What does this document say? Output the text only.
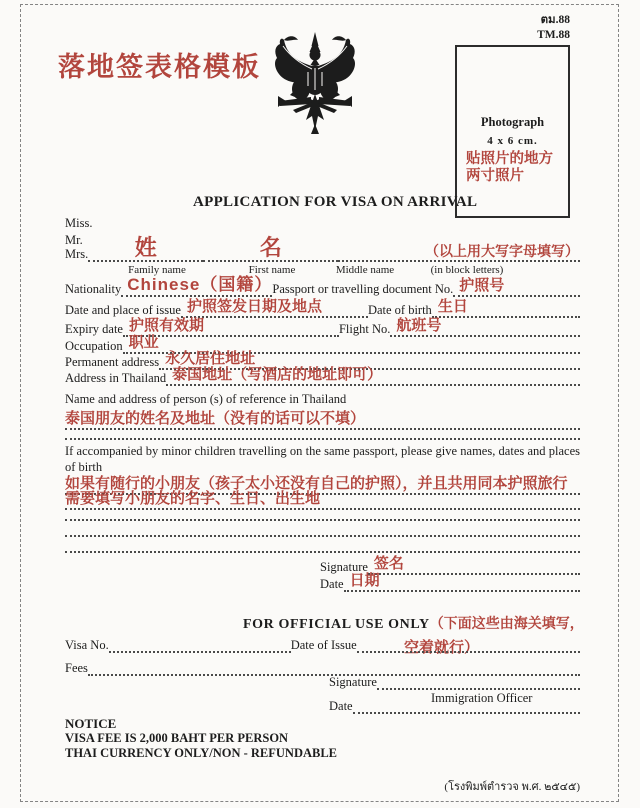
落地签表格模板
ตม.88
TM.88
Photograph
4 x 6 cm.
贴照片的地方
两寸照片
APPLICATION FOR VISA ON ARRIVAL
Miss.
Mr.
Mrs.	姓	名	（以上用大写字母填写）
Family name	First name	Middle name	(in block letters)
Nationality Chinese（国籍） Passport or travelling document No. 护照号
Date and place of issue 护照签发日期及地点	Date of birth 生日
Expiry date 护照有效期	Flight No. 航班号
Occupation 职业
Permanent address 永久居住地址
Address in Thailand 泰国地址（写酒店的地址即可）
Name and address of person (s) of reference in Thailand
泰国朋友的姓名及地址（没有的话可以不填）
If accompanied by minor children travelling on the same passport, please give names, dates and places
of birth
如果有随行的小朋友（孩子太小还没有自己的护照），并且共用同本护照旅行
需要填写小朋友的名字、生日、出生地
Signature 签名
Date 日期
FOR OFFICIAL USE ONLY（下面这些由海关填写，
空着就行）
Visa No.	Date of Issue
Fees
Signature
Immigration Officer
Date
NOTICE
VISA FEE IS 2,000 BAHT PER PERSON
THAI CURRENCY ONLY/NON - REFUNDABLE
(โรงพิมพ์ตำรวจ พ.ศ. ๒๕๔๕)
